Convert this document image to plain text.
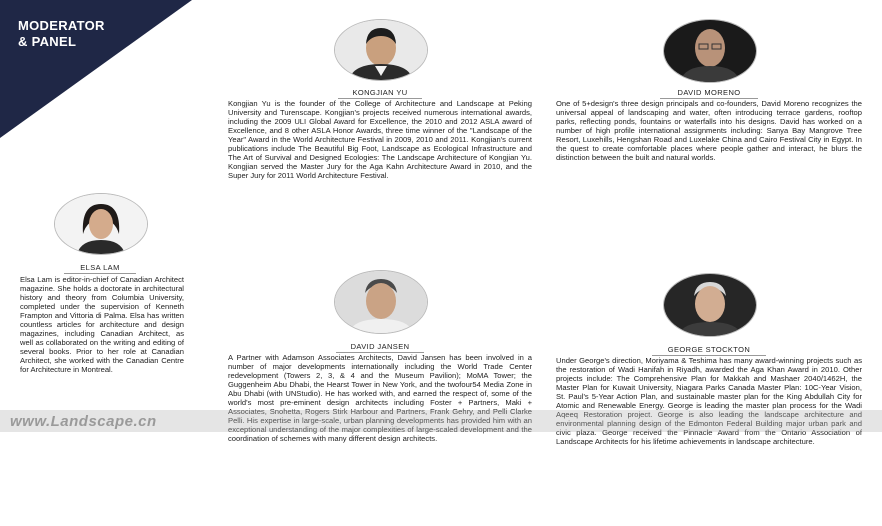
MODERATOR
& PANEL
KONGJIAN YU

Kongjian Yu is the founder of the College of Architecture and Landscape at Peking University and Turenscape. Kongjian's projects received numerous international awards, including the 2009 ULI Global Award for Excellence, the 2010 and 2012 ASLA award of Excellence, and 8 other ASLA Honor Awards, three time winner of the "Landscape of the Year" Award in the World Architecture Festival in 2009, 2010 and 2011. Kongjian's current publications include The Beautiful Big Foot, Landscape as Ecological Infrastructure and The Art of Survival and Designed Ecologies: The Landscape Architecture of Kongjian Yu. Kongjian served the Master Jury for the Aga Kahn Architecture Award in 2010, and the Super Jury for 2011 World Architecture Festival.

DAVID MORENO

One of 5+design's three design principals and co-founders, David Moreno recognizes the universal appeal of landscaping and water, often introducing terrace gardens, rooftop parks, reflecting ponds, fountains or waterfalls into his designs. David has worked on a number of high profile international assignments including: Sanya Bay Mangrove Tree Resort, Luxehills, Hengshan Road and Luxelake China and Cairo Festival City in Egypt. In the quest to create comfortable places where people gather and interact, he blurs the distinction between the built and natural worlds.

ELSA LAM

Elsa Lam is editor-in-chief of Canadian Architect magazine. She holds a doctorate in architectural history and theory from Columbia University, completed under the supervision of Kenneth Frampton and Vittoria di Palma. Elsa has written countless articles for architecture and design magazines, including Canadian Architect, as well as collaborated on the writing and editing of several books. Prior to her role at Canadian Architect, she worked with the Canadian Centre for Architecture in Montreal.

DAVID JANSEN

A Partner with Adamson Associates Architects, David Jansen has been involved in a number of major developments internationally including the World Trade Center redevelopment (Towers 2, 3, & 4 and the Museum Pavilion); MoMA Tower; the Guggenheim Abu Dhabi, the Hearst Tower in New York, and the twofour54 Media Zone in Abu Dhabi (with UNStudio). He has worked with, and earned the respect of, some of the world's most pre-eminent design architects including Foster + Partners, Maki + Associates, Snohetta, Rogers Stirk Harbour and Partners, Frank Gehry, and Pelli Clarke Pelli. His expertise in large-scale, urban planning developments has provided him with an exceptional understanding of the major complexities of large-scaled development and the coordination of schemes with many different design architects.

GEORGE STOCKTON

Under George's direction, Moriyama & Teshima has many award-winning projects such as the restoration of Wadi Hanifah in Riyadh, awarded the Aga Khan Award in 2010. Other projects include: The Comprehensive Plan for Makkah and Mashaer 2040/1462H, the Master Plan for Kuwait University, Niagara Parks Canada Master Plan: 10C-Year Vision, St. Paul's 5-Year Action Plan, and sustainable master plan for the King Abdullah City for Atomic and Renewable Energy. George is leading the master plan process for the Wadi Aqeeq Restoration project. George is also leading the landscape architecture and environmental planning design of the Edmonton Federal Building major urban park and civic plaza. George received the Pinnacle Award from the Ontario Association of Landscape Architects for his lifetime achievements in landscape architecture.

www.Landscape.cn
